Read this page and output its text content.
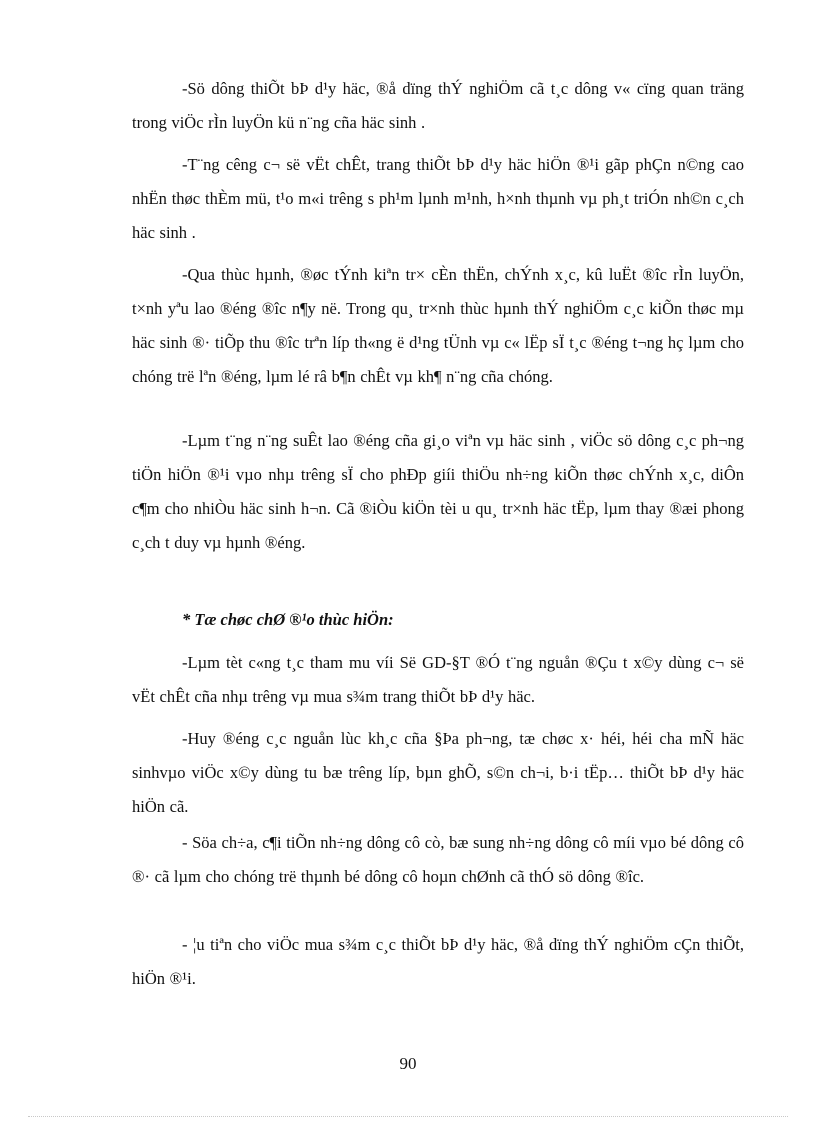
-Sö dông thiÕt bÞ d¹y häc, ®å dïng thÝ nghiÖm cã t¸c dông v« cïng quan träng trong viÖc rÌn luyÖn kü n¨ng cña häc sinh .

-T¨ng cêng c¬ së vËt chÊt, trang thiÕt bÞ d¹y häc hiÖn ®¹i gãp phÇn n©ng cao nhËn thøc thÈm mü, t¹o m«i trêng s ph¹m lµnh m¹nh, h×nh thµnh vµ ph¸t triÓn nh©n c¸ch häc sinh .

-Qua thùc hµnh, ®øc tÝnh kiªn tr× cÈn thËn, chÝnh x¸c, kû luËt ®îc rÌn luyÖn, t×nh yªu lao ®éng ®îc n¶y në. Trong qu¸ tr×nh thùc hµnh thÝ nghiÖm c¸c kiÕn thøc mµ häc sinh ®· tiÕp thu ®îc trªn líp th«ng ë d¹ng tÜnh vµ c« lËp sÏ t¸c ®éng t¬ng hç lµm cho chóng trë lªn ®éng, lµm lé râ b¶n chÊt vµ kh¶ n¨ng cña chóng.

-Lµm t¨ng n¨ng suÊt lao ®éng cña gi¸o viªn vµ häc sinh , viÖc sö dông c¸c ph¬ng tiÖn hiÖn ®¹i vµo nhµ trêng sÏ cho phÐp giíi thiÖu nh÷ng kiÕn thøc chÝnh x¸c, diÔn c¶m cho nhiÒu häc sinh h¬n. Cã ®iÒu kiÖn tèi u qu¸ tr×nh häc tËp, lµm thay ®æi phong c¸ch t duy vµ hµnh ®éng.

* Tæ chøc chØ ®¹o thùc hiÖn:

-Lµm tèt c«ng t¸c tham mu víi Së GD-§T ®Ó t¨ng nguån ®Çu t x©y dùng c¬ së vËt chÊt cña nhµ trêng vµ mua s¾m trang thiÕt bÞ d¹y häc.

-Huy ®éng c¸c nguån lùc kh¸c cña §Þa ph¬ng, tæ chøc x· héi, héi cha mÑ häc sinhvµo viÖc x©y dùng tu bæ trêng líp, bµn ghÕ, s©n ch¬i, b·i tËp… thiÕt bÞ d¹y häc hiÖn cã.

- Söa ch÷a, c¶i tiÕn nh÷ng dông cô cò, bæ sung nh÷ng dông cô míi vµo bé dông cô ®· cã lµm cho chóng trë thµnh bé dông cô hoµn chØnh cã thÓ sö dông ®îc.

- ¦u tiªn cho viÖc mua s¾m c¸c thiÕt bÞ d¹y häc, ®å dïng thÝ nghiÖm cÇn thiÕt, hiÖn ®¹i.

90
